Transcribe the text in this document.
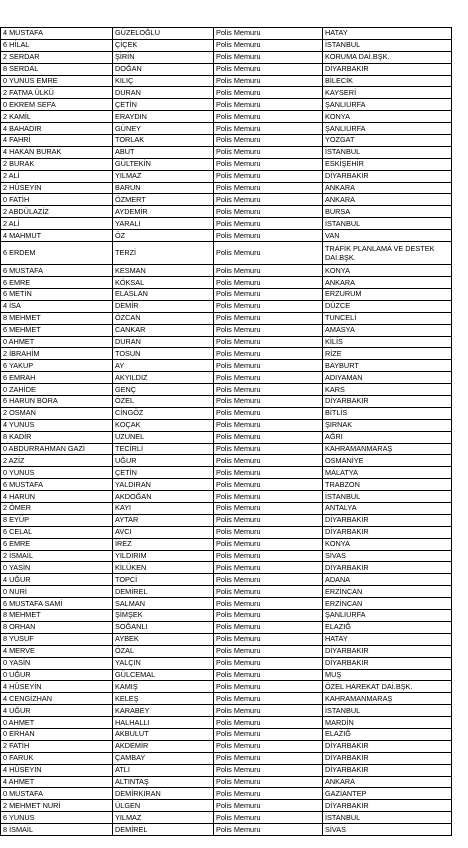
4 MUSTAFA	GÜZELOĞLU	Polis Memuru	HATAY
6 HİLAL	ÇİÇEK	Polis Memuru	İSTANBUL
2 SERDAR	ŞİRİN	Polis Memuru	KORUMA DAİ.BŞK.
8 SERDAL	DOĞAN	Polis Memuru	DİYARBAKIR
0 YUNUS EMRE	KILIÇ	Polis Memuru	BİLECİK
2 FATMA ÜLKÜ	DURAN	Polis Memuru	KAYSERİ
0 EKREM SEFA	ÇETİN	Polis Memuru	ŞANLIURFA
2 KAMİL	ERAYDIN	Polis Memuru	KONYA
4 BAHADIR	GÜNEY	Polis Memuru	ŞANLIURFA
4 FAHRİ	TORLAK	Polis Memuru	YOZGAT
4 HAKAN BURAK	ABUT	Polis Memuru	İSTANBUL
2 BURAK	GÜLTEKİN	Polis Memuru	ESKİŞEHİR
2 ALİ	YILMAZ	Polis Memuru	DİYARBAKIR
2 HÜSEYİN	BARUN	Polis Memuru	ANKARA
0 FATİH	ÖZMERT	Polis Memuru	ANKARA
2 ABDÜLAZİZ	AYDEMİR	Polis Memuru	BURSA
2 ALİ	YARALI	Polis Memuru	İSTANBUL
4 MAHMUT	ÖZ	Polis Memuru	VAN
6 ERDEM	TERZİ	Polis Memuru	TRAFİK PLANLAMA VE DESTEK DAİ.BŞK.
6 MUSTAFA	KESMAN	Polis Memuru	KONYA
6 EMRE	KÖKSAL	Polis Memuru	ANKARA
6 METİN	ELASLAN	Polis Memuru	ERZURUM
4 İSA	DEMİR	Polis Memuru	DÜZCE
8 MEHMET	ÖZCAN	Polis Memuru	TUNCELİ
6 MEHMET	CANKAR	Polis Memuru	AMASYA
0 AHMET	DURAN	Polis Memuru	KİLİS
2 İBRAHİM	TOSUN	Polis Memuru	RİZE
6 YAKUP	AY	Polis Memuru	BAYBURT
6 EMRAH	AKYILDIZ	Polis Memuru	ADIYAMAN
0 ZAHİDE	GENÇ	Polis Memuru	KARS
6 HARUN BORA	ÖZEL	Polis Memuru	DİYARBAKIR
2 OSMAN	CİNGÖZ	Polis Memuru	BİTLİS
4 YUNUS	KOÇAK	Polis Memuru	ŞIRNAK
8 KADİR	UZUNEL	Polis Memuru	AĞRI
0 ABDURRAHMAN GAZİ	TECİRLİ	Polis Memuru	KAHRAMANMARAŞ
2 AZİZ	UĞUR	Polis Memuru	OSMANİYE
0 YUNUS	ÇETİN	Polis Memuru	MALATYA
6 MUSTAFA	YALDIRAN	Polis Memuru	TRABZON
4 HARUN	AKDOĞAN	Polis Memuru	İSTANBUL
2 ÖMER	KAYI	Polis Memuru	ANTALYA
8 EYÜP	AYTAR	Polis Memuru	DİYARBAKIR
6 CELAL	AVCI	Polis Memuru	DİYARBAKIR
6 EMRE	İREZ	Polis Memuru	KONYA
2 İSMAİL	YILDIRIM	Polis Memuru	SİVAS
0 YASİN	KİLÜKEN	Polis Memuru	DİYARBAKIR
4 UĞUR	TOPCİ	Polis Memuru	ADANA
0 NURİ	DEMİREL	Polis Memuru	ERZİNCAN
6 MUSTAFA SAMİ	SALMAN	Polis Memuru	ERZİNCAN
8 MEHMET	ŞİMŞEK	Polis Memuru	ŞANLIURFA
8 ORHAN	SOĞANLI	Polis Memuru	ELAZIĞ
8 YUSUF	AYBEK	Polis Memuru	HATAY
4 MERVE	ÖZAL	Polis Memuru	DİYARBAKIR
0 YASİN	YALÇIN	Polis Memuru	DİYARBAKIR
0 UĞUR	GÜLCEMAL	Polis Memuru	MUŞ
4 HÜSEYİN	KAMIŞ	Polis Memuru	ÖZEL HAREKAT DAİ.BŞK.
4 CENGİZHAN	KELEŞ	Polis Memuru	KAHRAMANMARAŞ
4 UĞUR	KARABEY	Polis Memuru	İSTANBUL
0 AHMET	HALHALLI	Polis Memuru	MARDİN
0 ERHAN	AKBULUT	Polis Memuru	ELAZIĞ
2 FATİH	AKDEMİR	Polis Memuru	DİYARBAKIR
0 FARUK	ÇAMBAY	Polis Memuru	DİYARBAKIR
4 HÜSEYİN	ATLI	Polis Memuru	DİYARBAKIR
4 AHMET	ALTINTAŞ	Polis Memuru	ANKARA
0 MUSTAFA	DEMİRKIRAN	Polis Memuru	GAZİANTEP
2 MEHMET NURİ	ÜLGEN	Polis Memuru	DİYARBAKIR
6 YUNUS	YILMAZ	Polis Memuru	İSTANBUL
8 İSMAİL	DEMİREL	Polis Memuru	SİVAS
